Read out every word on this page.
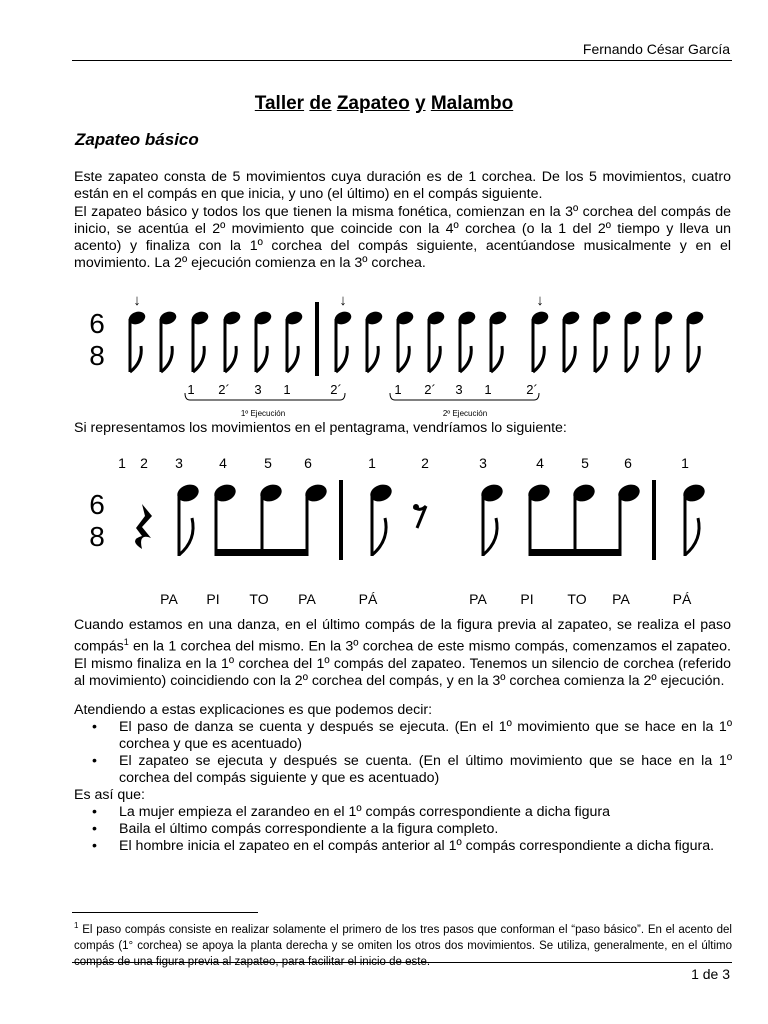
Fernando César García
Taller de Zapateo y Malambo
Zapateo básico
Este zapateo consta de 5 movimientos cuya duración es de 1 corchea. De los 5 movimientos, cuatro están en el compás en que inicia, y uno (el último) en el compás siguiente.
El zapateo básico y todos los que tienen la misma fonética, comienzan en la 3º corchea del compás de inicio, se acentúa el 2º movimiento que coincide con la 4º corchea (o la 1 del 2º tiempo y lleva un acento) y finaliza con la 1º corchea del compás siguiente, acentúandose musicalmente y en el movimiento. La 2º ejecución comienza en la 3º corchea.
6
8
↓	↓	↓
1 2´ 3 1	2´	1 2´ 3 1	2´
1º Ejecución	2º Ejecución
Si representamos los movimientos en el pentagrama, vendríamos lo siguiente:
1 2 3	4	5 6	1	2	3	4	5	6	1
6
8
PA PI TO PA	PÁ	PA PI TO PA	PÁ
Cuando estamos en una danza, en el último compás de la figura previa al zapateo, se realiza el paso compás$^1$ en la 1 corchea del mismo. En la 3º corchea de este mismo compás, comenzamos el zapateo. El mismo finaliza en la 1º corchea del 1º compás del zapateo. Tenemos un silencio de corchea (referido al movimiento) coincidiendo con la 2º corchea del compás, y en la 3º corchea comienza la 2º ejecución.
Atendiendo a estas explicaciones es que podemos decir:
• El paso de danza se cuenta y después se ejecuta. (En el 1º movimiento que se hace en la 1º corchea y que es acentuado)
• El zapateo se ejecuta y después se cuenta. (En el último movimiento que se hace en la 1º corchea del compás siguiente y que es acentuado)
Es así que:
• La mujer empieza el zarandeo en el 1º compás correspondiente a dicha figura
• Baila el último compás correspondiente a la figura completo.
• El hombre inicia el zapateo en el compás anterior al 1º compás correspondiente a dicha figura.
$^1$ El paso compás consiste en realizar solamente el primero de los tres pasos que conforman el “paso básico”. En el acento del compás (1° corchea) se apoya la planta derecha y se omiten los otros dos movimientos. Se utiliza, generalmente, en el último compás de una figura previa al zapateo, para facilitar el inicio de este.
1 de 3
